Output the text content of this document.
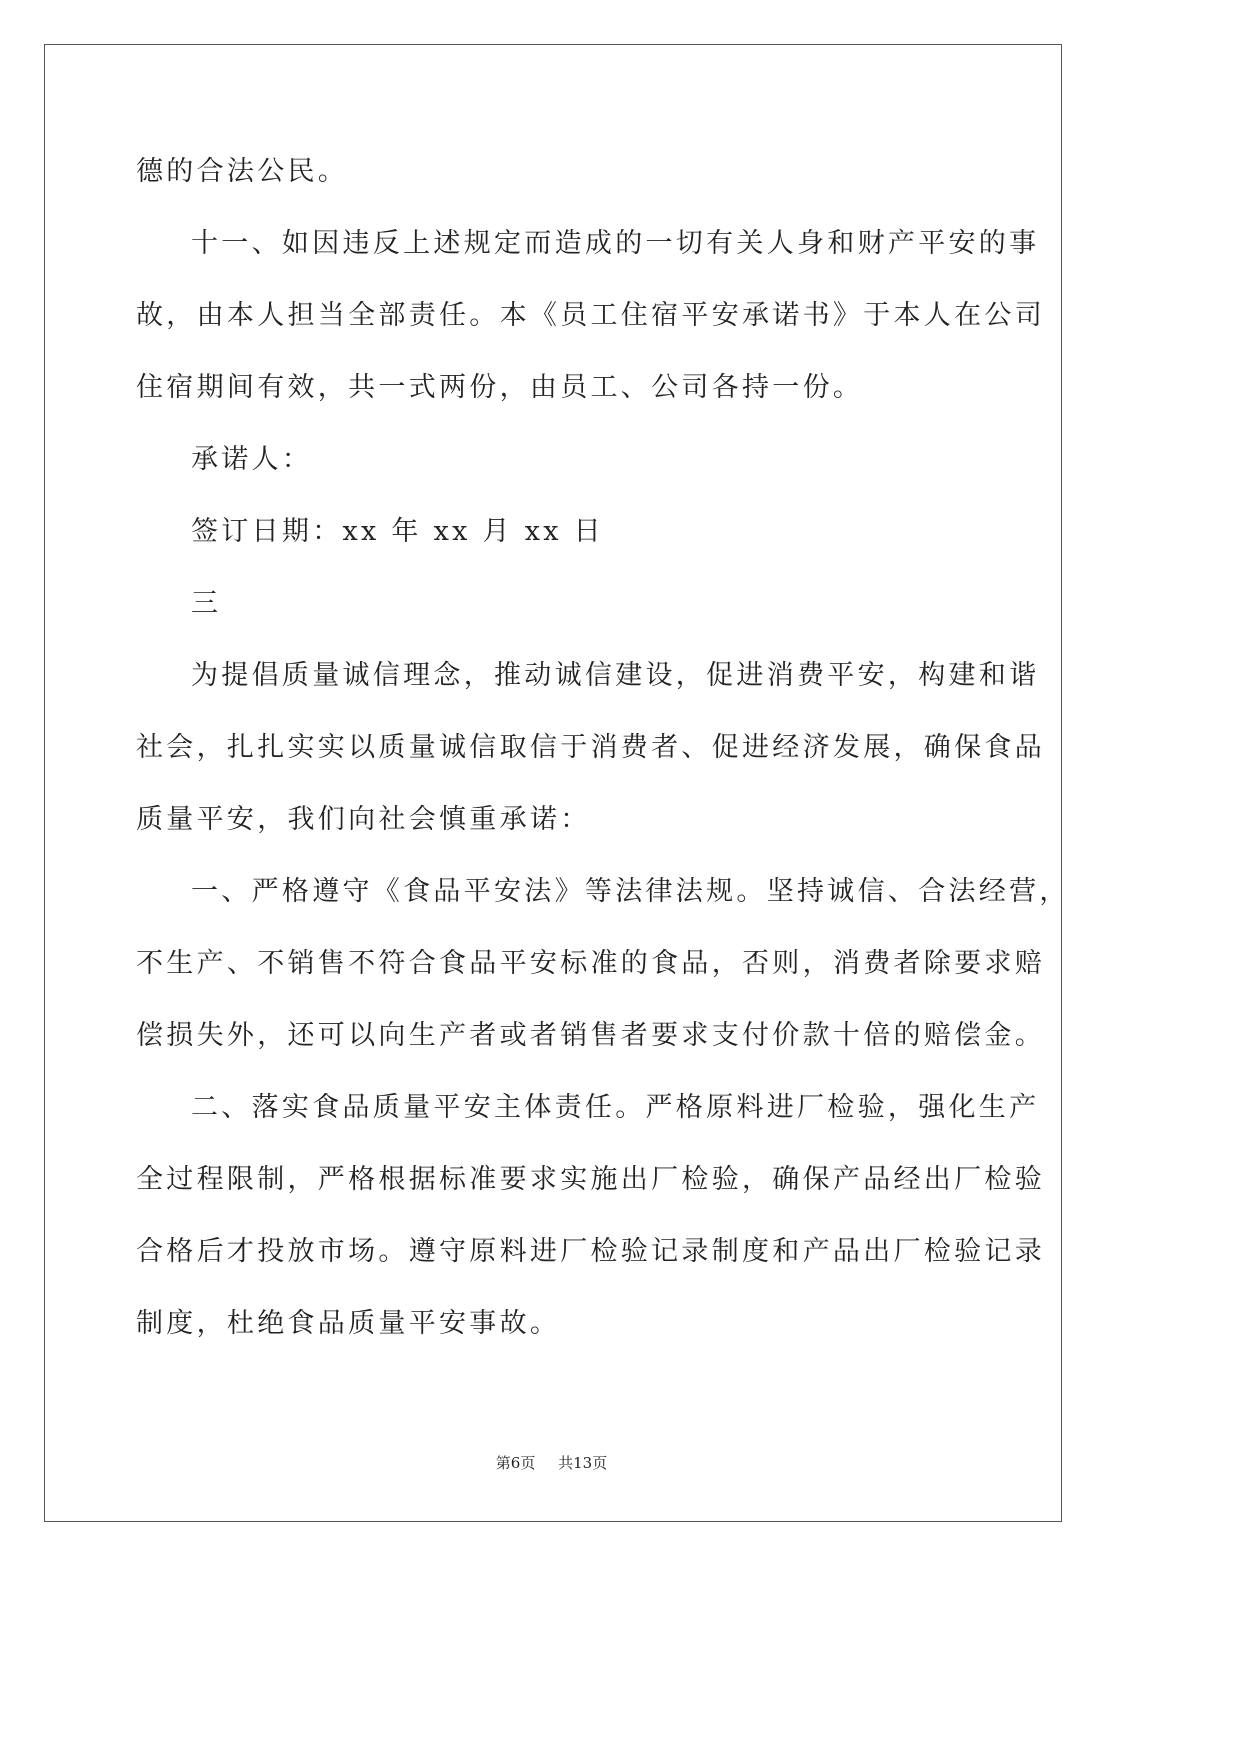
德的合法公民。
十一、如因违反上述规定而造成的一切有关人身和财产平安的事
故，由本人担当全部责任。本《员工住宿平安承诺书》于本人在公司
住宿期间有效，共一式两份，由员工、公司各持一份。
承诺人：
签订日期：xx 年 xx 月 xx 日
三
为提倡质量诚信理念，推动诚信建设，促进消费平安，构建和谐
社会，扎扎实实以质量诚信取信于消费者、促进经济发展，确保食品
质量平安，我们向社会慎重承诺：
一、严格遵守《食品平安法》等法律法规。坚持诚信、合法经营，
不生产、不销售不符合食品平安标准的食品，否则，消费者除要求赔
偿损失外，还可以向生产者或者销售者要求支付价款十倍的赔偿金。
二、落实食品质量平安主体责任。严格原料进厂检验，强化生产
全过程限制，严格根据标准要求实施出厂检验，确保产品经出厂检验
合格后才投放市场。遵守原料进厂检验记录制度和产品出厂检验记录
制度，杜绝食品质量平安事故。
第6页 共13页
